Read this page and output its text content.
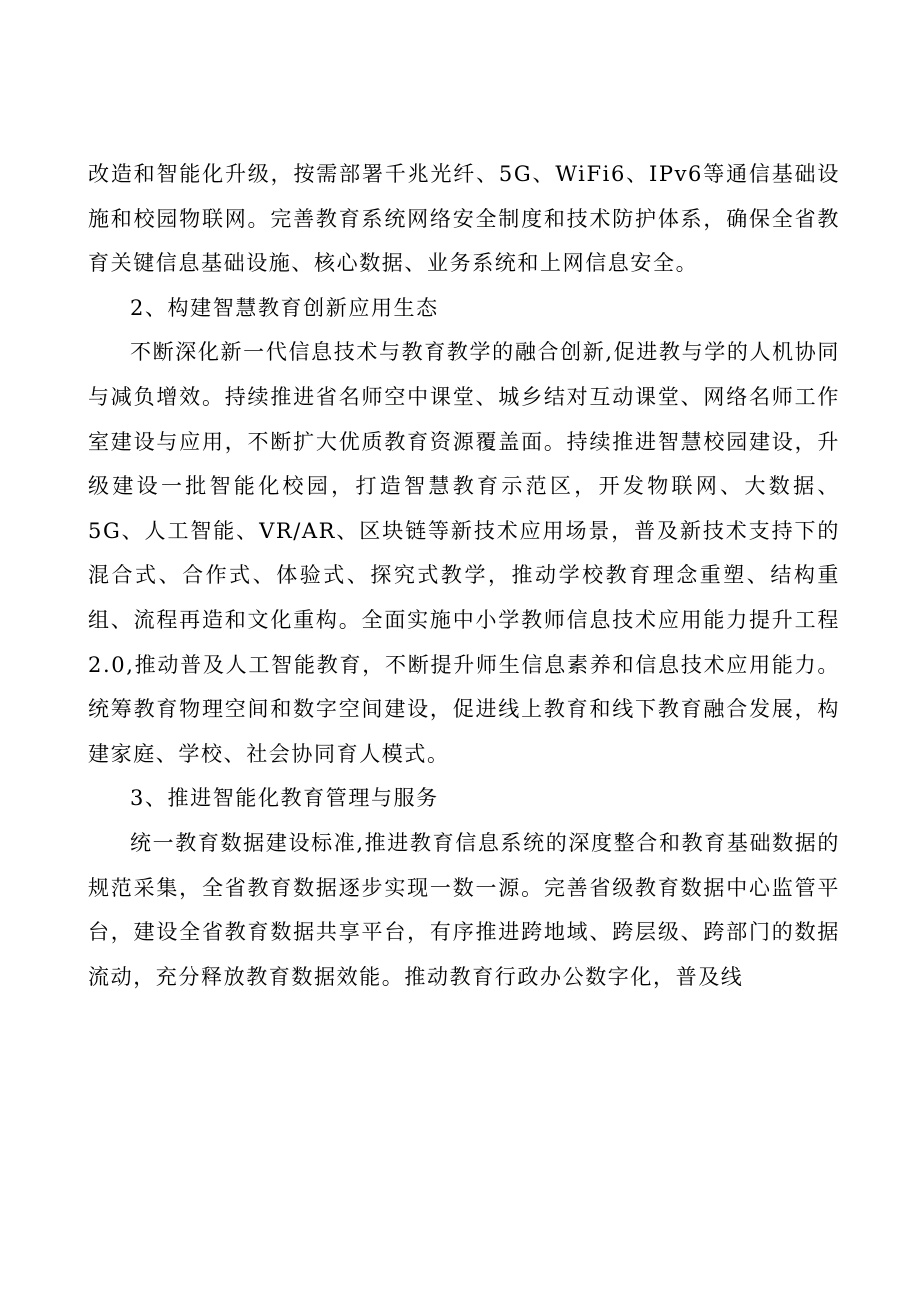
改造和智能化升级，按需部署千兆光纤、5G、WiFi6、IPv6等通信基础设施和校园物联网。完善教育系统网络安全制度和技术防护体系，确保全省教育关键信息基础设施、核心数据、业务系统和上网信息安全。

2、构建智慧教育创新应用生态

不断深化新一代信息技术与教育教学的融合创新,促进教与学的人机协同与减负增效。持续推进省名师空中课堂、城乡结对互动课堂、网络名师工作室建设与应用，不断扩大优质教育资源覆盖面。持续推进智慧校园建设，升级建设一批智能化校园，打造智慧教育示范区，开发物联网、大数据、5G、人工智能、VR/AR、区块链等新技术应用场景，普及新技术支持下的混合式、合作式、体验式、探究式教学，推动学校教育理念重塑、结构重组、流程再造和文化重构。全面实施中小学教师信息技术应用能力提升工程2.0,推动普及人工智能教育，不断提升师生信息素养和信息技术应用能力。统筹教育物理空间和数字空间建设，促进线上教育和线下教育融合发展，构建家庭、学校、社会协同育人模式。

3、推进智能化教育管理与服务

统一教育数据建设标准,推进教育信息系统的深度整合和教育基础数据的规范采集，全省教育数据逐步实现一数一源。完善省级教育数据中心监管平台，建设全省教育数据共享平台，有序推进跨地域、跨层级、跨部门的数据流动，充分释放教育数据效能。推动教育行政办公数字化，普及线
